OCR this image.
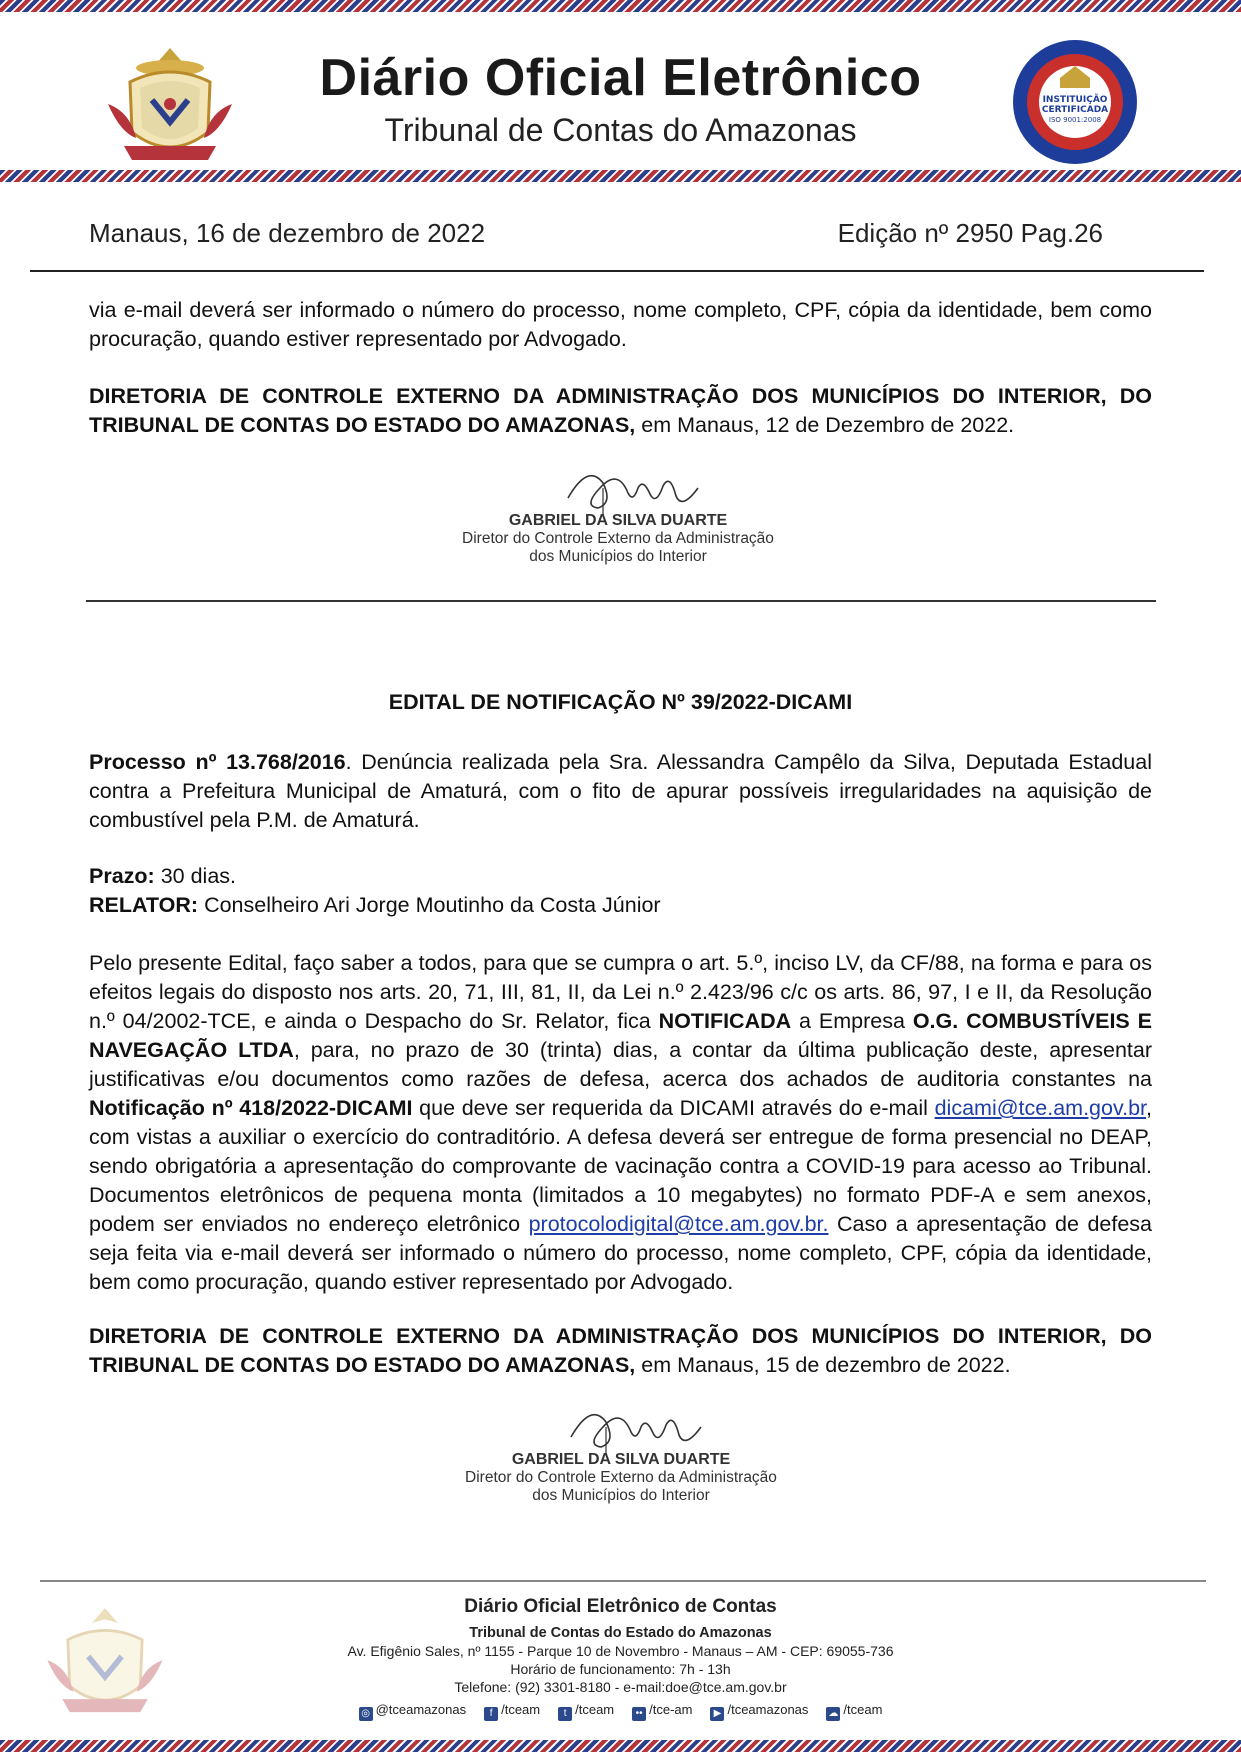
Diário Oficial Eletrônico
Tribunal de Contas do Amazonas
INSTITUIÇÃO
CERTIFICADA
ISO 9001:2008
Manaus, 16 de dezembro de 2022	Edição nº 2950 Pag.26
via e-mail deverá ser informado o número do processo, nome completo, CPF, cópia da identidade, bem como procuração, quando estiver representado por Advogado.
DIRETORIA DE CONTROLE EXTERNO DA ADMINISTRAÇÃO DOS MUNICÍPIOS DO INTERIOR, DO TRIBUNAL DE CONTAS DO ESTADO DO AMAZONAS, em Manaus, 12 de Dezembro de 2022.
GABRIEL DA SILVA DUARTE
Diretor do Controle Externo da Administração
dos Municípios do Interior
EDITAL DE NOTIFICAÇÃO Nº 39/2022-DICAMI
Processo nº 13.768/2016. Denúncia realizada pela Sra. Alessandra Campêlo da Silva, Deputada Estadual contra a Prefeitura Municipal de Amaturá, com o fito de apurar possíveis irregularidades na aquisição de combustível pela P.M. de Amaturá.
Prazo: 30 dias.
RELATOR: Conselheiro Ari Jorge Moutinho da Costa Júnior
Pelo presente Edital, faço saber a todos, para que se cumpra o art. 5.º, inciso LV, da CF/88, na forma e para os efeitos legais do disposto nos arts. 20, 71, III, 81, II, da Lei n.º 2.423/96 c/c os arts. 86, 97, I e II, da Resolução n.º 04/2002-TCE, e ainda o Despacho do Sr. Relator, fica NOTIFICADA a Empresa O.G. COMBUSTÍVEIS E NAVEGAÇÃO LTDA, para, no prazo de 30 (trinta) dias, a contar da última publicação deste, apresentar justificativas e/ou documentos como razões de defesa, acerca dos achados de auditoria constantes na Notificação nº 418/2022-DICAMI que deve ser requerida da DICAMI através do e-mail dicami@tce.am.gov.br, com vistas a auxiliar o exercício do contraditório. A defesa deverá ser entregue de forma presencial no DEAP, sendo obrigatória a apresentação do comprovante de vacinação contra a COVID-19 para acesso ao Tribunal. Documentos eletrônicos de pequena monta (limitados a 10 megabytes) no formato PDF-A e sem anexos, podem ser enviados no endereço eletrônico protocolodigital@tce.am.gov.br. Caso a apresentação de defesa seja feita via e-mail deverá ser informado o número do processo, nome completo, CPF, cópia da identidade, bem como procuração, quando estiver representado por Advogado.
DIRETORIA DE CONTROLE EXTERNO DA ADMINISTRAÇÃO DOS MUNICÍPIOS DO INTERIOR, DO TRIBUNAL DE CONTAS DO ESTADO DO AMAZONAS, em Manaus, 15 de dezembro de 2022.
GABRIEL DA SILVA DUARTE
Diretor do Controle Externo da Administração
dos Municípios do Interior
Diário Oficial Eletrônico de Contas
Tribunal de Contas do Estado do Amazonas
Av. Efigênio Sales, nº 1155 - Parque 10 de Novembro - Manaus – AM - CEP: 69055-736
Horário de funcionamento: 7h - 13h
Telefone: (92) 3301-8180 - e-mail:doe@tce.am.gov.br
◎ @tceamazonas	f /tceam	t /tceam	•• /tce-am	▶ /tceamazonas ☁ /tceam
